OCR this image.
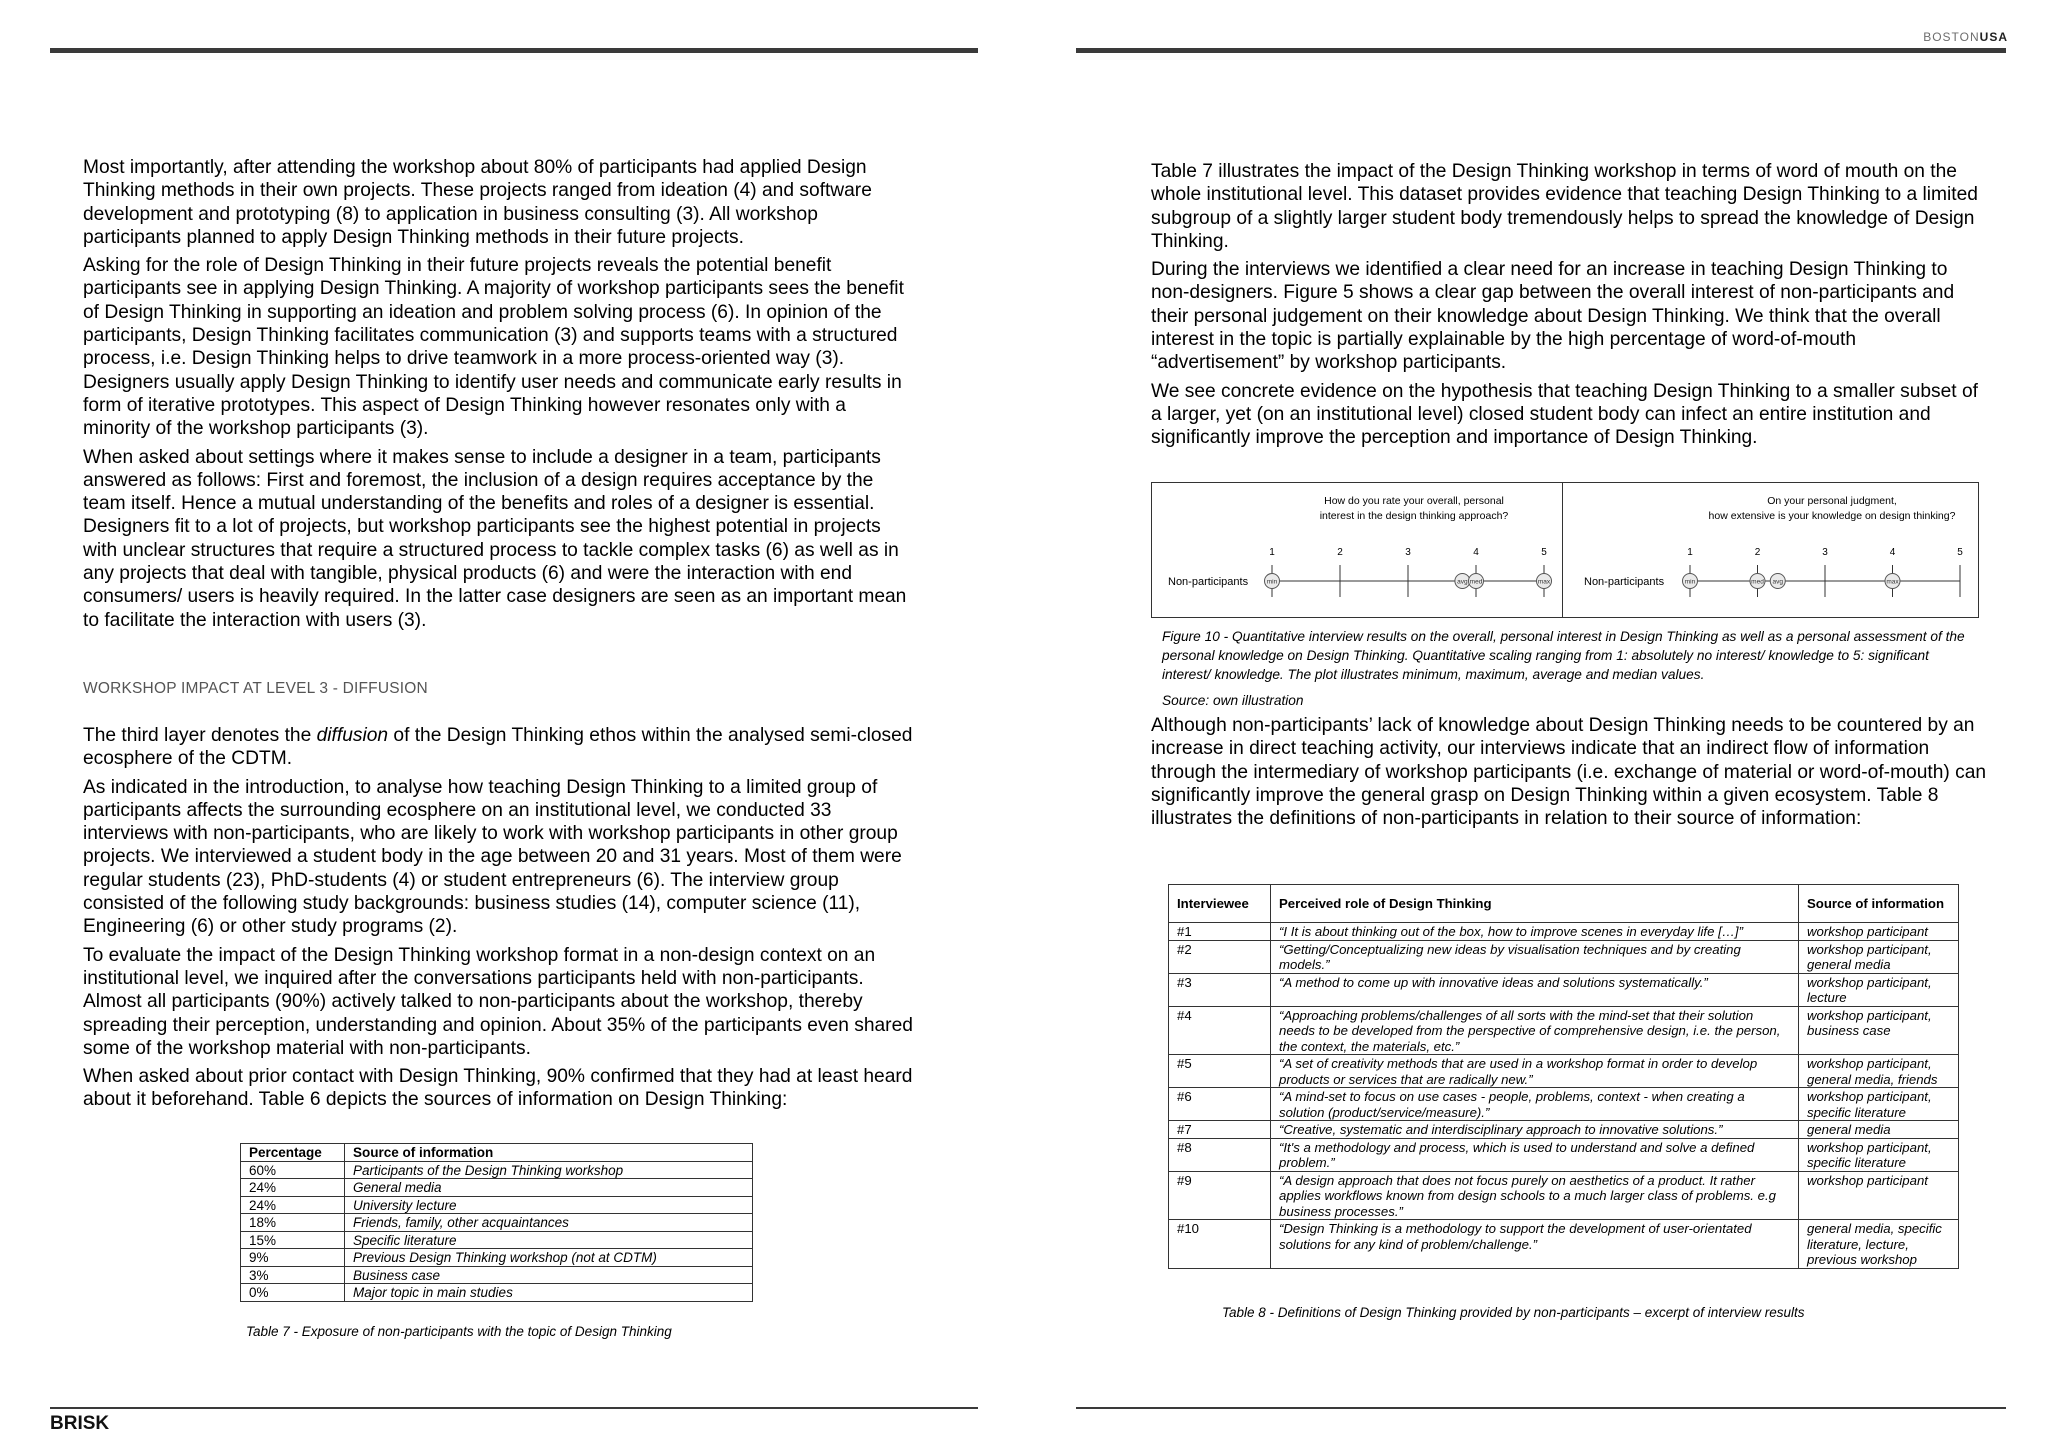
BOSTONUSA
BRISK

Most importantly, after attending the workshop about 80% of participants had applied Design Thinking methods in their own projects. These projects ranged from ideation (4) and software development and prototyping (8) to application in business consulting (3). All workshop participants planned to apply Design Thinking methods in their future projects.

Asking for the role of Design Thinking in their future projects reveals the potential benefit participants see in applying Design Thinking. A majority of workshop participants sees the benefit of Design Thinking in supporting an ideation and problem solving process (6). In opinion of the participants, Design Thinking facilitates communication (3) and supports teams with a structured process, i.e. Design Thinking helps to drive teamwork in a more process-oriented way (3). Designers usually apply Design Thinking to identify user needs and communicate early results in form of iterative prototypes. This aspect of Design Thinking however resonates only with a minority of the workshop participants (3).

When asked about settings where it makes sense to include a designer in a team, participants answered as follows: First and foremost, the inclusion of a design requires acceptance by the team itself. Hence a mutual understanding of the benefits and roles of a designer is essential. Designers fit to a lot of projects, but workshop participants see the highest potential in projects with unclear structures that require a structured process to tackle complex tasks (6) as well as in any projects that deal with tangible, physical products (6) and were the interaction with end consumers/ users is heavily required. In the latter case designers are seen as an important mean to facilitate the interaction with users (3).

WORKSHOP IMPACT AT LEVEL 3 - DIFFUSION

The third layer denotes the diffusion of the Design Thinking ethos within the analysed semi-closed ecosphere of the CDTM.

As indicated in the introduction, to analyse how teaching Design Thinking to a limited group of participants affects the surrounding ecosphere on an institutional level, we conducted 33 interviews with non-participants, who are likely to work with workshop participants in other group projects. We interviewed a student body in the age between 20 and 31 years. Most of them were regular students (23), PhD-students (4) or student entrepreneurs (6). The interview group consisted of the following study backgrounds: business studies (14), computer science (11), Engineering (6) or other study programs (2).

To evaluate the impact of the Design Thinking workshop format in a non-design context on an institutional level, we inquired after the conversations participants held with non-participants. Almost all participants (90%) actively talked to non-participants about the workshop, thereby spreading their perception, understanding and opinion. About 35% of the participants even shared some of the workshop material with non-participants.

When asked about prior contact with Design Thinking, 90% confirmed that they had at least heard about it beforehand. Table 6 depicts the sources of information on Design Thinking:

Percentage	Source of information
60%	Participants of the Design Thinking workshop
24%	General media
24%	University lecture
18%	Friends, family, other acquaintances
15%	Specific literature
9%	Previous Design Thinking workshop (not at CDTM)
3%	Business case
0%	Major topic in main studies
Table 7 - Exposure of non-participants with the topic of Design Thinking

Table 7 illustrates the impact of the Design Thinking workshop in terms of word of mouth on the whole institutional level. This dataset provides evidence that teaching Design Thinking to a limited subgroup of a slightly larger student body tremendously helps to spread the knowledge of Design Thinking.

During the interviews we identified a clear need for an increase in teaching Design Thinking to non-designers. Figure 5 shows a clear gap between the overall interest of non-participants and their personal judgement on their knowledge about Design Thinking. We think that the overall interest in the topic is partially explainable by the high percentage of word-of-mouth “advertisement” by workshop participants.

We see concrete evidence on the hypothesis that teaching Design Thinking to a smaller subset of a larger, yet (on an institutional level) closed student body can infect an entire institution and significantly improve the perception and importance of Design Thinking.

How do you rate your overall, personal
interest in the design thinking approach?
Non-participants
1	2	3	4	5
min	avg med	max
On your personal judgment,
how extensive is your knowledge on design thinking?
Non-participants
1	2	3	4	5
min	med avg	max
Figure 10 - Quantitative interview results on the overall, personal interest in Design Thinking as well as a personal assessment of the personal knowledge on Design Thinking. Quantitative scaling ranging from 1: absolutely no interest/ knowledge to 5: significant interest/ knowledge. The plot illustrates minimum, maximum, average and median values.
Source: own illustration

Although non-participants’ lack of knowledge about Design Thinking needs to be countered by an increase in direct teaching activity, our interviews indicate that an indirect flow of information through the intermediary of workshop participants (i.e. exchange of material or word-of-mouth) can significantly improve the general grasp on Design Thinking within a given ecosystem. Table 8 illustrates the definitions of non-participants in relation to their source of information:

Interviewee	Perceived role of Design Thinking	Source of information
#1	“I It is about thinking out of the box, how to improve scenes in everyday life […]”	workshop participant
#2	“Getting/Conceptualizing new ideas by visualisation techniques and by creating models.”	workshop participant, general media
#3	“A method to come up with innovative ideas and solutions systematically.”	workshop participant, lecture
#4	“Approaching problems/challenges of all sorts with the mind-set that their solution needs to be developed from the perspective of comprehensive design, i.e. the person, the context, the materials, etc.”	workshop participant, business case
#5	“A set of creativity methods that are used in a workshop format in order to develop products or services that are radically new.”	workshop participant, general media, friends
#6	“A mind-set to focus on use cases - people, problems, context - when creating a solution (product/service/measure).”	workshop participant, specific literature
#7	“Creative, systematic and interdisciplinary approach to innovative solutions.”	general media
#8	“It's a methodology and process, which is used to understand and solve a defined problem.”	workshop participant, specific literature
#9	“A design approach that does not focus purely on aesthetics of a product. It rather applies workflows known from design schools to a much larger class of problems. e.g business processes.”	workshop participant
#10	“Design Thinking is a methodology to support the development of user-orientated solutions for any kind of problem/challenge.”	general media, specific literature, lecture, previous workshop
Table 8 - Definitions of Design Thinking provided by non-participants – excerpt of interview results
